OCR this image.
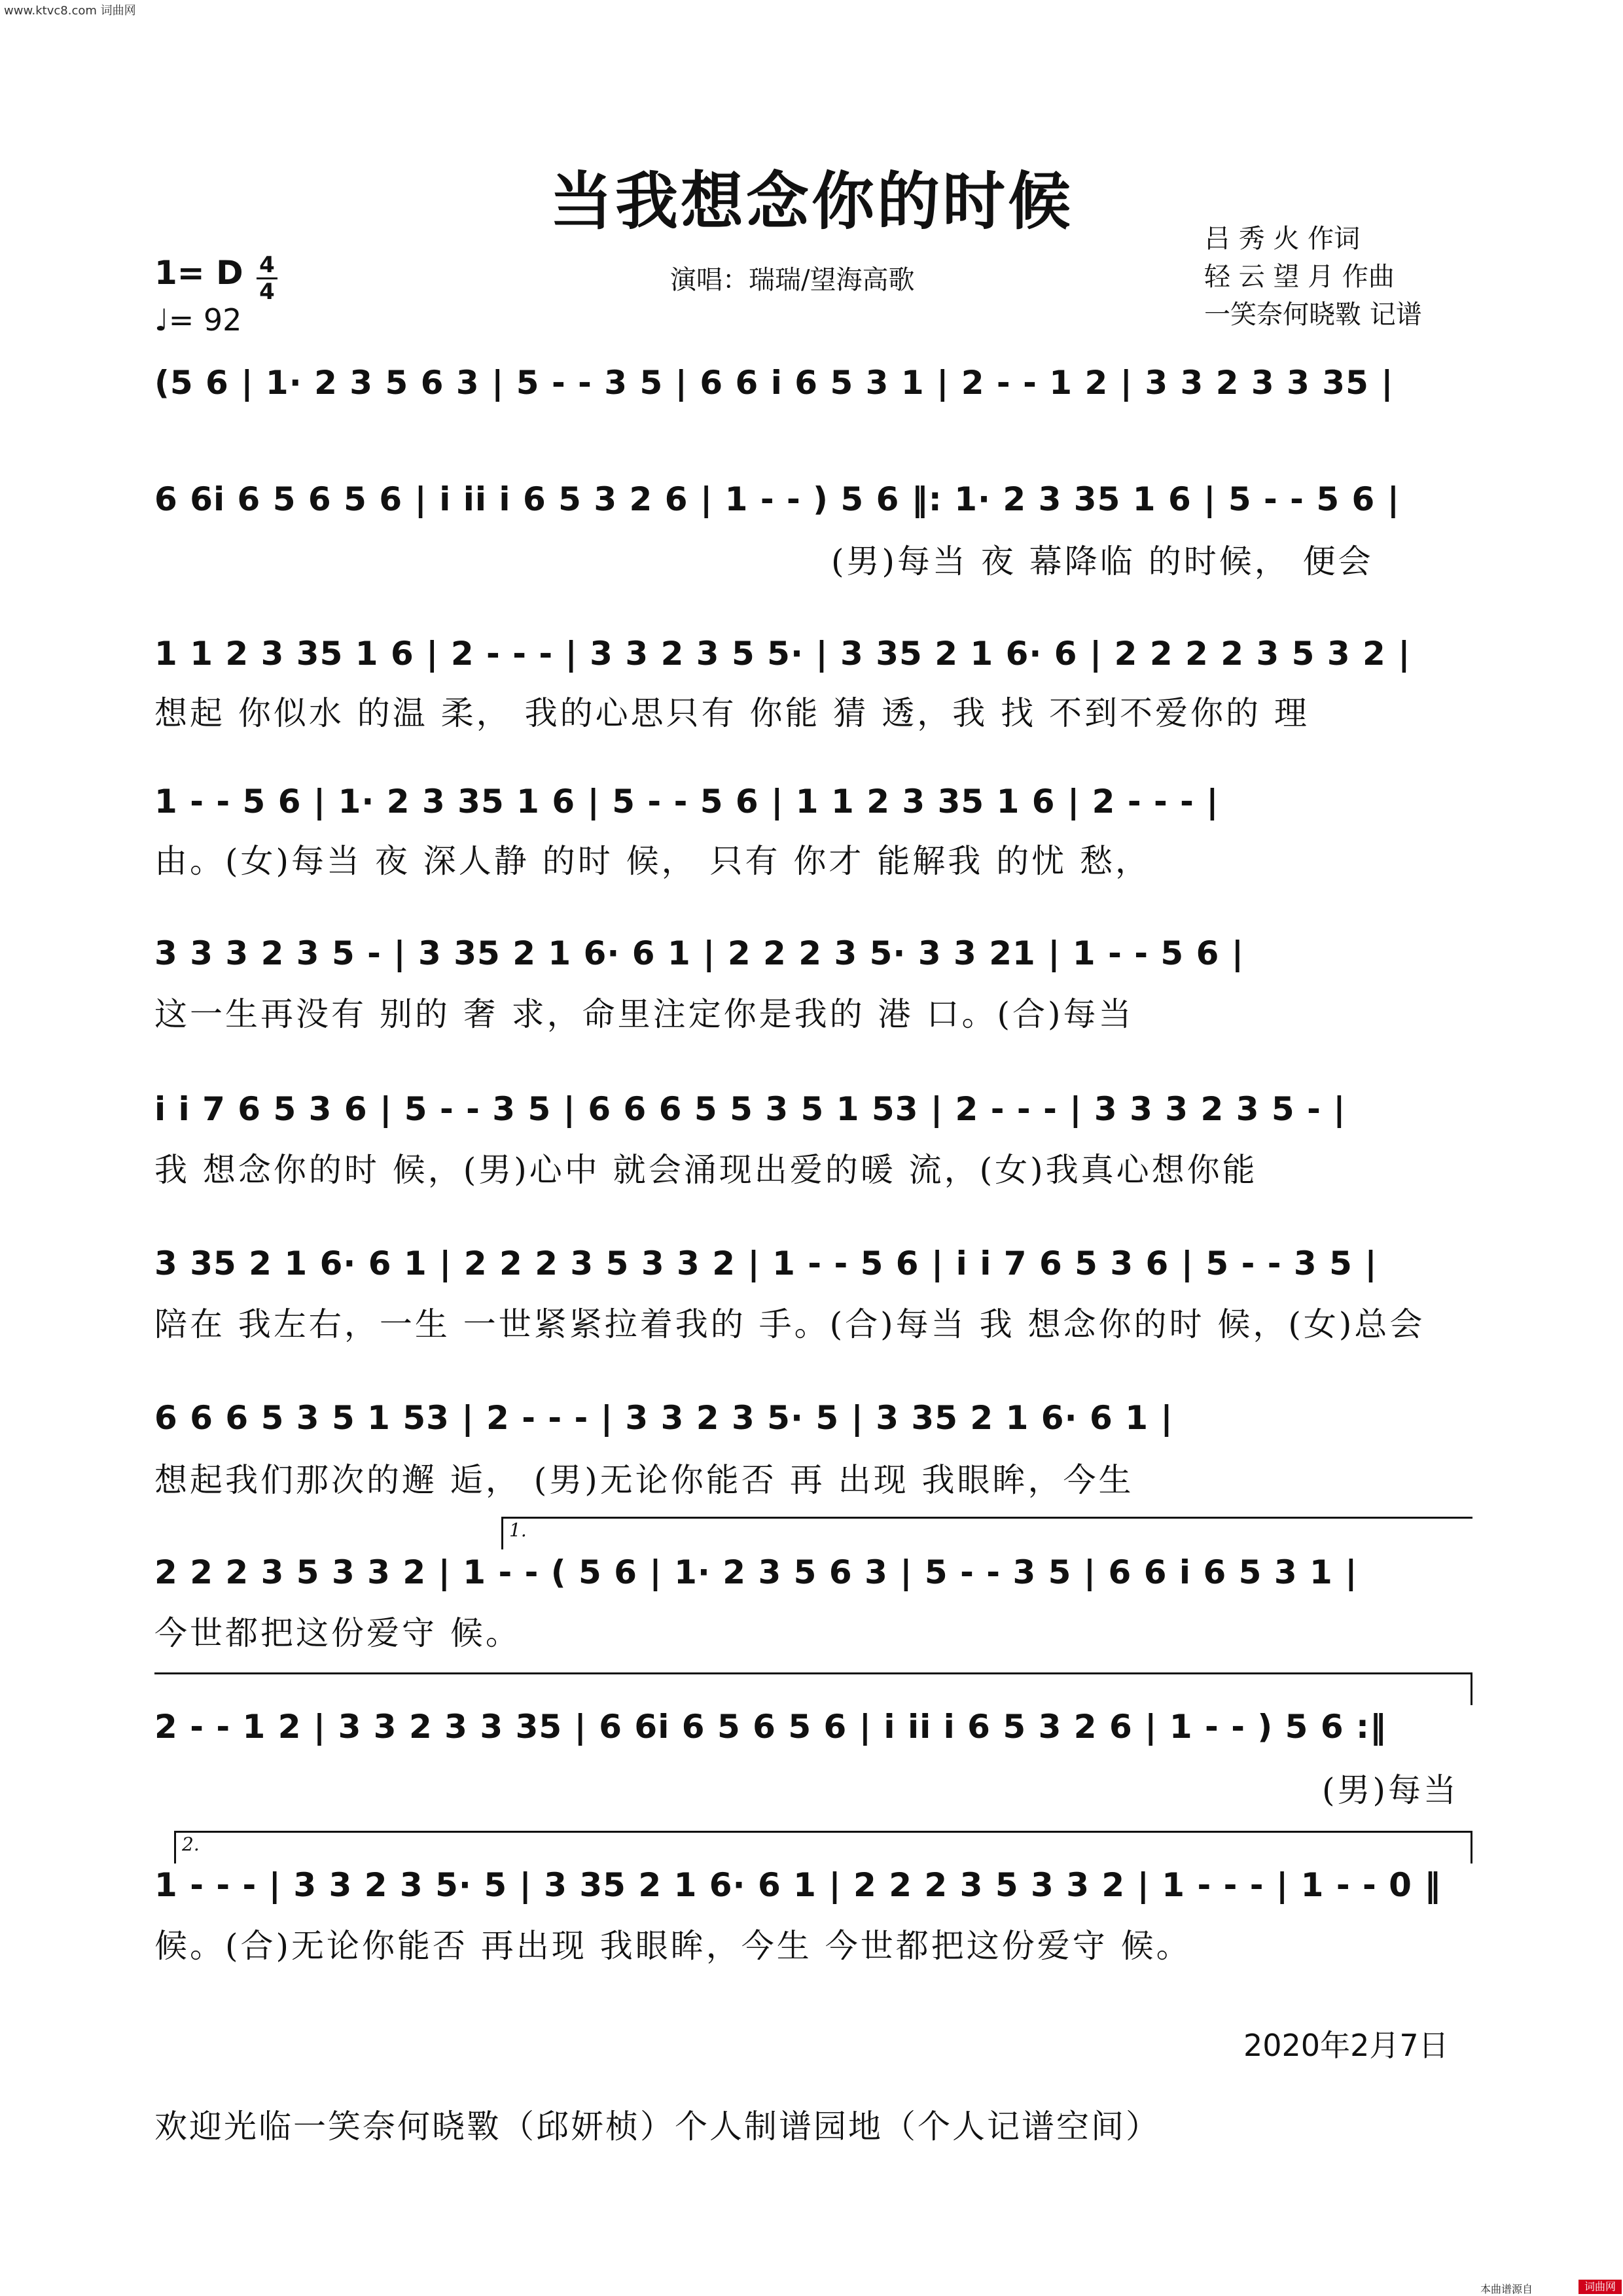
www.ktvc8.com 词曲网
当我想念你的时候
1= D 4
4
♩= 92
演唱：瑞瑞/望海高歌
吕 秀 火 作词
轻 云 望 月 作曲
一笑奈何晓斁 记谱
(5 6 | 1· 2 3 5 6 3 | 5 - - 3 5 | 6 6 i 6 5 3 1 | 2 - - 1 2 | 3 3 2 3 3 35 |
6 6i 6 5 6 5 6 | i ii i 6 5 3 2 6 | 1 - - ) 5 6 ‖: 1· 2 3 35 1 6 | 5 - - 5 6 |
(男)每当 夜 幕降临 的时候， 便会
1 1 2 3 35 1 6 | 2 - - - | 3 3 2 3 5 5· | 3 35 2 1 6· 6 | 2 2 2 2 3 5 3 2 |
想起 你似水 的温 柔， 我的心思只有 你能 猜 透，我 找 不到不爱你的 理
1 - - 5 6 | 1· 2 3 35 1 6 | 5 - - 5 6 | 1 1 2 3 35 1 6 | 2 - - - |
由。(女)每当 夜 深人静 的时 候， 只有 你才 能解我 的忧 愁，
3 3 3 2 3 5 - | 3 35 2 1 6· 6 1 | 2 2 2 3 5· 3 3 21 | 1 - - 5 6 |
这一生再没有 别的 奢 求，命里注定你是我的 港 口。(合)每当
i i 7 6 5 3 6 | 5 - - 3 5 | 6 6 6 5 5 3 5 1 53 | 2 - - - | 3 3 3 2 3 5 - |
我 想念你的时 候，(男)心中 就会涌现出爱的暖 流，(女)我真心想你能
3 35 2 1 6· 6 1 | 2 2 2 3 5 3 3 2 | 1 - - 5 6 | i i 7 6 5 3 6 | 5 - - 3 5 |
陪在 我左右，一生 一世紧紧拉着我的 手。(合)每当 我 想念你的时 候，(女)总会
6 6 6 5 3 5 1 53 | 2 - - - | 3 3 2 3 5· 5 | 3 35 2 1 6· 6 1 |
想起我们那次的邂 逅， (男)无论你能否 再 出现 我眼眸，今生
1.
2 2 2 3 5 3 3 2 | 1 - - ( 5 6 | 1· 2 3 5 6 3 | 5 - - 3 5 | 6 6 i 6 5 3 1 |
今世都把这份爱守 候。
2 - - 1 2 | 3 3 2 3 3 35 | 6 6i 6 5 6 5 6 | i ii i 6 5 3 2 6 | 1 - - ) 5 6 :‖
(男)每当
2.
1 - - - | 3 3 2 3 5· 5 | 3 35 2 1 6· 6 1 | 2 2 2 3 5 3 3 2 | 1 - - - | 1 - - 0 ‖
候。(合)无论你能否 再出现 我眼眸，今生 今世都把这份爱守 候。
2020年2月7日
欢迎光临一笑奈何晓斁（邱妍桢）个人制谱园地（个人记谱空间）
本曲谱源自	词曲网
